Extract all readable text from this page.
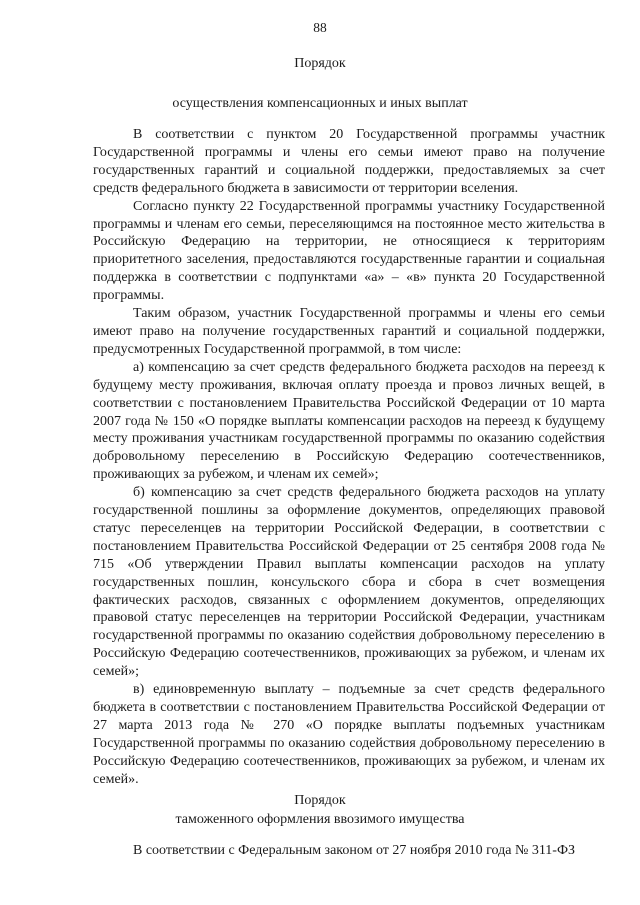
88
Порядок
осуществления компенсационных и иных выплат

В соответствии с пунктом 20 Государственной программы участник Государственной программы и члены его семьи имеют право на получение государственных гарантий и социальной поддержки, предоставляемых за счет средств федерального бюджета в зависимости от территории вселения.

Согласно пункту 22 Государственной программы участнику Государственной программы и членам его семьи, переселяющимся на постоянное место жительства в Российскую Федерацию на территории, не относящиеся к территориям приоритетного заселения, предоставляются государственные гарантии и социальная поддержка в соответствии с подпунктами «а» – «в» пункта 20 Государственной программы.

Таким образом, участник Государственной программы и члены его семьи имеют право на получение государственных гарантий и социальной поддержки, предусмотренных Государственной программой, в том числе:

а) компенсацию за счет средств федерального бюджета расходов на переезд к будущему месту проживания, включая оплату проезда и провоз личных вещей, в соответствии с постановлением Правительства Российской Федерации от 10 марта 2007 года № 150 «О порядке выплаты компенсации расходов на переезд к будущему месту проживания участникам государственной программы по оказанию содействия добровольному переселению в Российскую Федерацию соотечественников, проживающих за рубежом, и членам их семей»;

б) компенсацию за счет средств федерального бюджета расходов на уплату государственной пошлины за оформление документов, определяющих правовой статус переселенцев на территории Российской Федерации, в соответствии с постановлением Правительства Российской Федерации от 25 сентября 2008 года № 715 «Об утверждении Правил выплаты компенсации расходов на уплату государственных пошлин, консульского сбора и сбора в счет возмещения фактических расходов, связанных с оформлением документов, определяющих правовой статус переселенцев на территории Российской Федерации, участникам государственной программы по оказанию содействия добровольному переселению в Российскую Федерацию соотечественников, проживающих за рубежом, и членам их семей»;

в) единовременную выплату – подъемные за счет средств федерального бюджета в соответствии с постановлением Правительства Российской Федерации от 27 марта 2013 года № 270 «О порядке выплаты подъемных участникам Государственной программы по оказанию содействия добровольному переселению в Российскую Федерацию соотечественников, проживающих за рубежом, и членам их семей».

Порядок
таможенного оформления ввозимого имущества

В соответствии с Федеральным законом от 27 ноября 2010 года № 311-ФЗ
